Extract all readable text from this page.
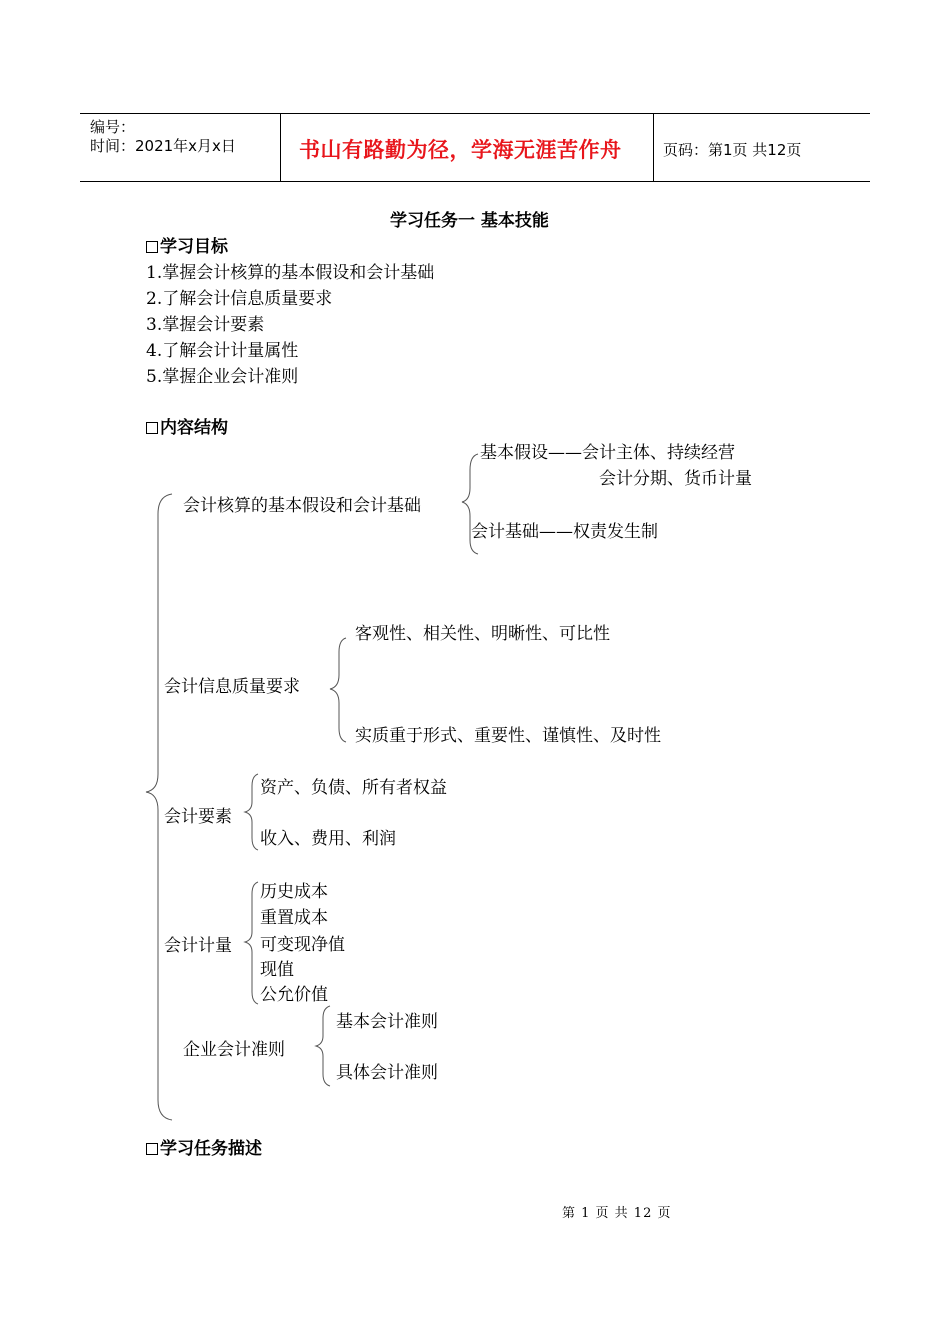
编号：
时间：2021年x月x日	书山有路勤为径，学海无涯苦作舟	页码：第1页 共12页
学习任务一 基本技能
学习目标
1.掌握会计核算的基本假设和会计基础
2.了解会计信息质量要求
3.掌握会计要素
4.了解会计计量属性
5.掌握企业会计准则
内容结构
会计核算的基本假设和会计基础
基本假设——会计主体、持续经营
会计分期、货币计量
会计基础——权责发生制
会计信息质量要求
客观性、相关性、明晰性、可比性
实质重于形式、重要性、谨慎性、及时性
会计要素
资产、负债、所有者权益
收入、费用、利润
会计计量
历史成本
重置成本
可变现净值
现值
公允价值
企业会计准则
基本会计准则
具体会计准则
学习任务描述
第 1 页 共 12 页
